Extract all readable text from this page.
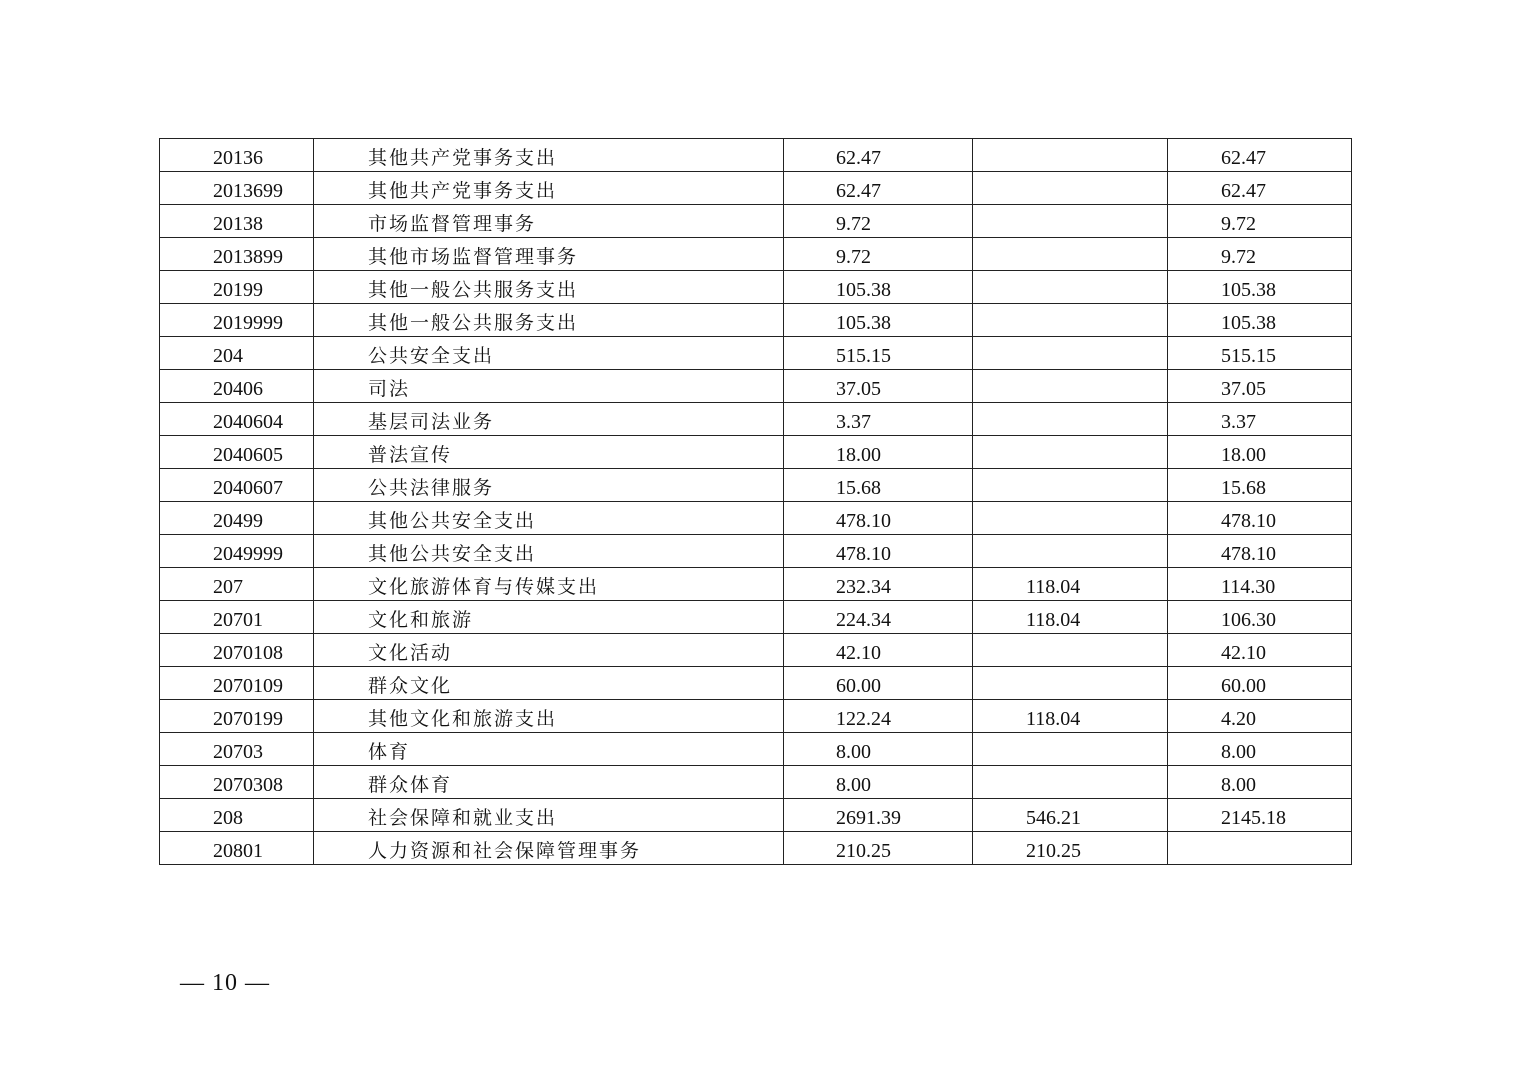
20136	其他共产党事务支出	62.47		62.47
2013699	其他共产党事务支出	62.47		62.47
20138	市场监督管理事务	9.72		9.72
2013899	其他市场监督管理事务	9.72		9.72
20199	其他一般公共服务支出	105.38		105.38
2019999	其他一般公共服务支出	105.38		105.38
204	公共安全支出	515.15		515.15
20406	司法	37.05		37.05
2040604	基层司法业务	3.37		3.37
2040605	普法宣传	18.00		18.00
2040607	公共法律服务	15.68		15.68
20499	其他公共安全支出	478.10		478.10
2049999	其他公共安全支出	478.10		478.10
207	文化旅游体育与传媒支出	232.34	118.04	114.30
20701	文化和旅游	224.34	118.04	106.30
2070108	文化活动	42.10		42.10
2070109	群众文化	60.00		60.00
2070199	其他文化和旅游支出	122.24	118.04	4.20
20703	体育	8.00		8.00
2070308	群众体育	8.00		8.00
208	社会保障和就业支出	2691.39	546.21	2145.18
20801	人力资源和社会保障管理事务	210.25	210.25	
— 10 —
